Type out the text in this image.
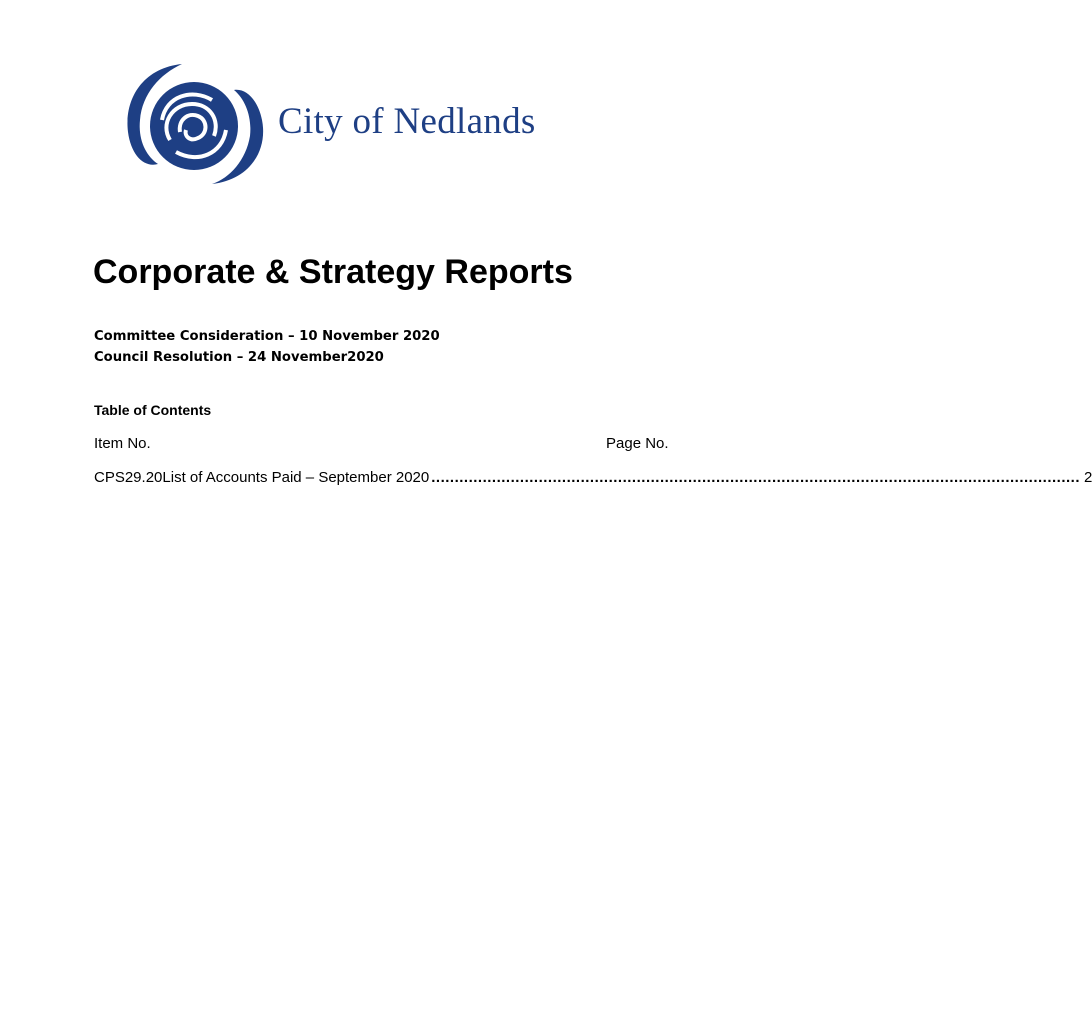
City of Nedlands
Corporate & Strategy Reports
Committee Consideration – 10 November 2020
Council Resolution – 24 November2020
Table of Contents
Item No.	Page No.
CPS29.20 List of Accounts Paid – September 2020 ........................................................................................................................................... 2
